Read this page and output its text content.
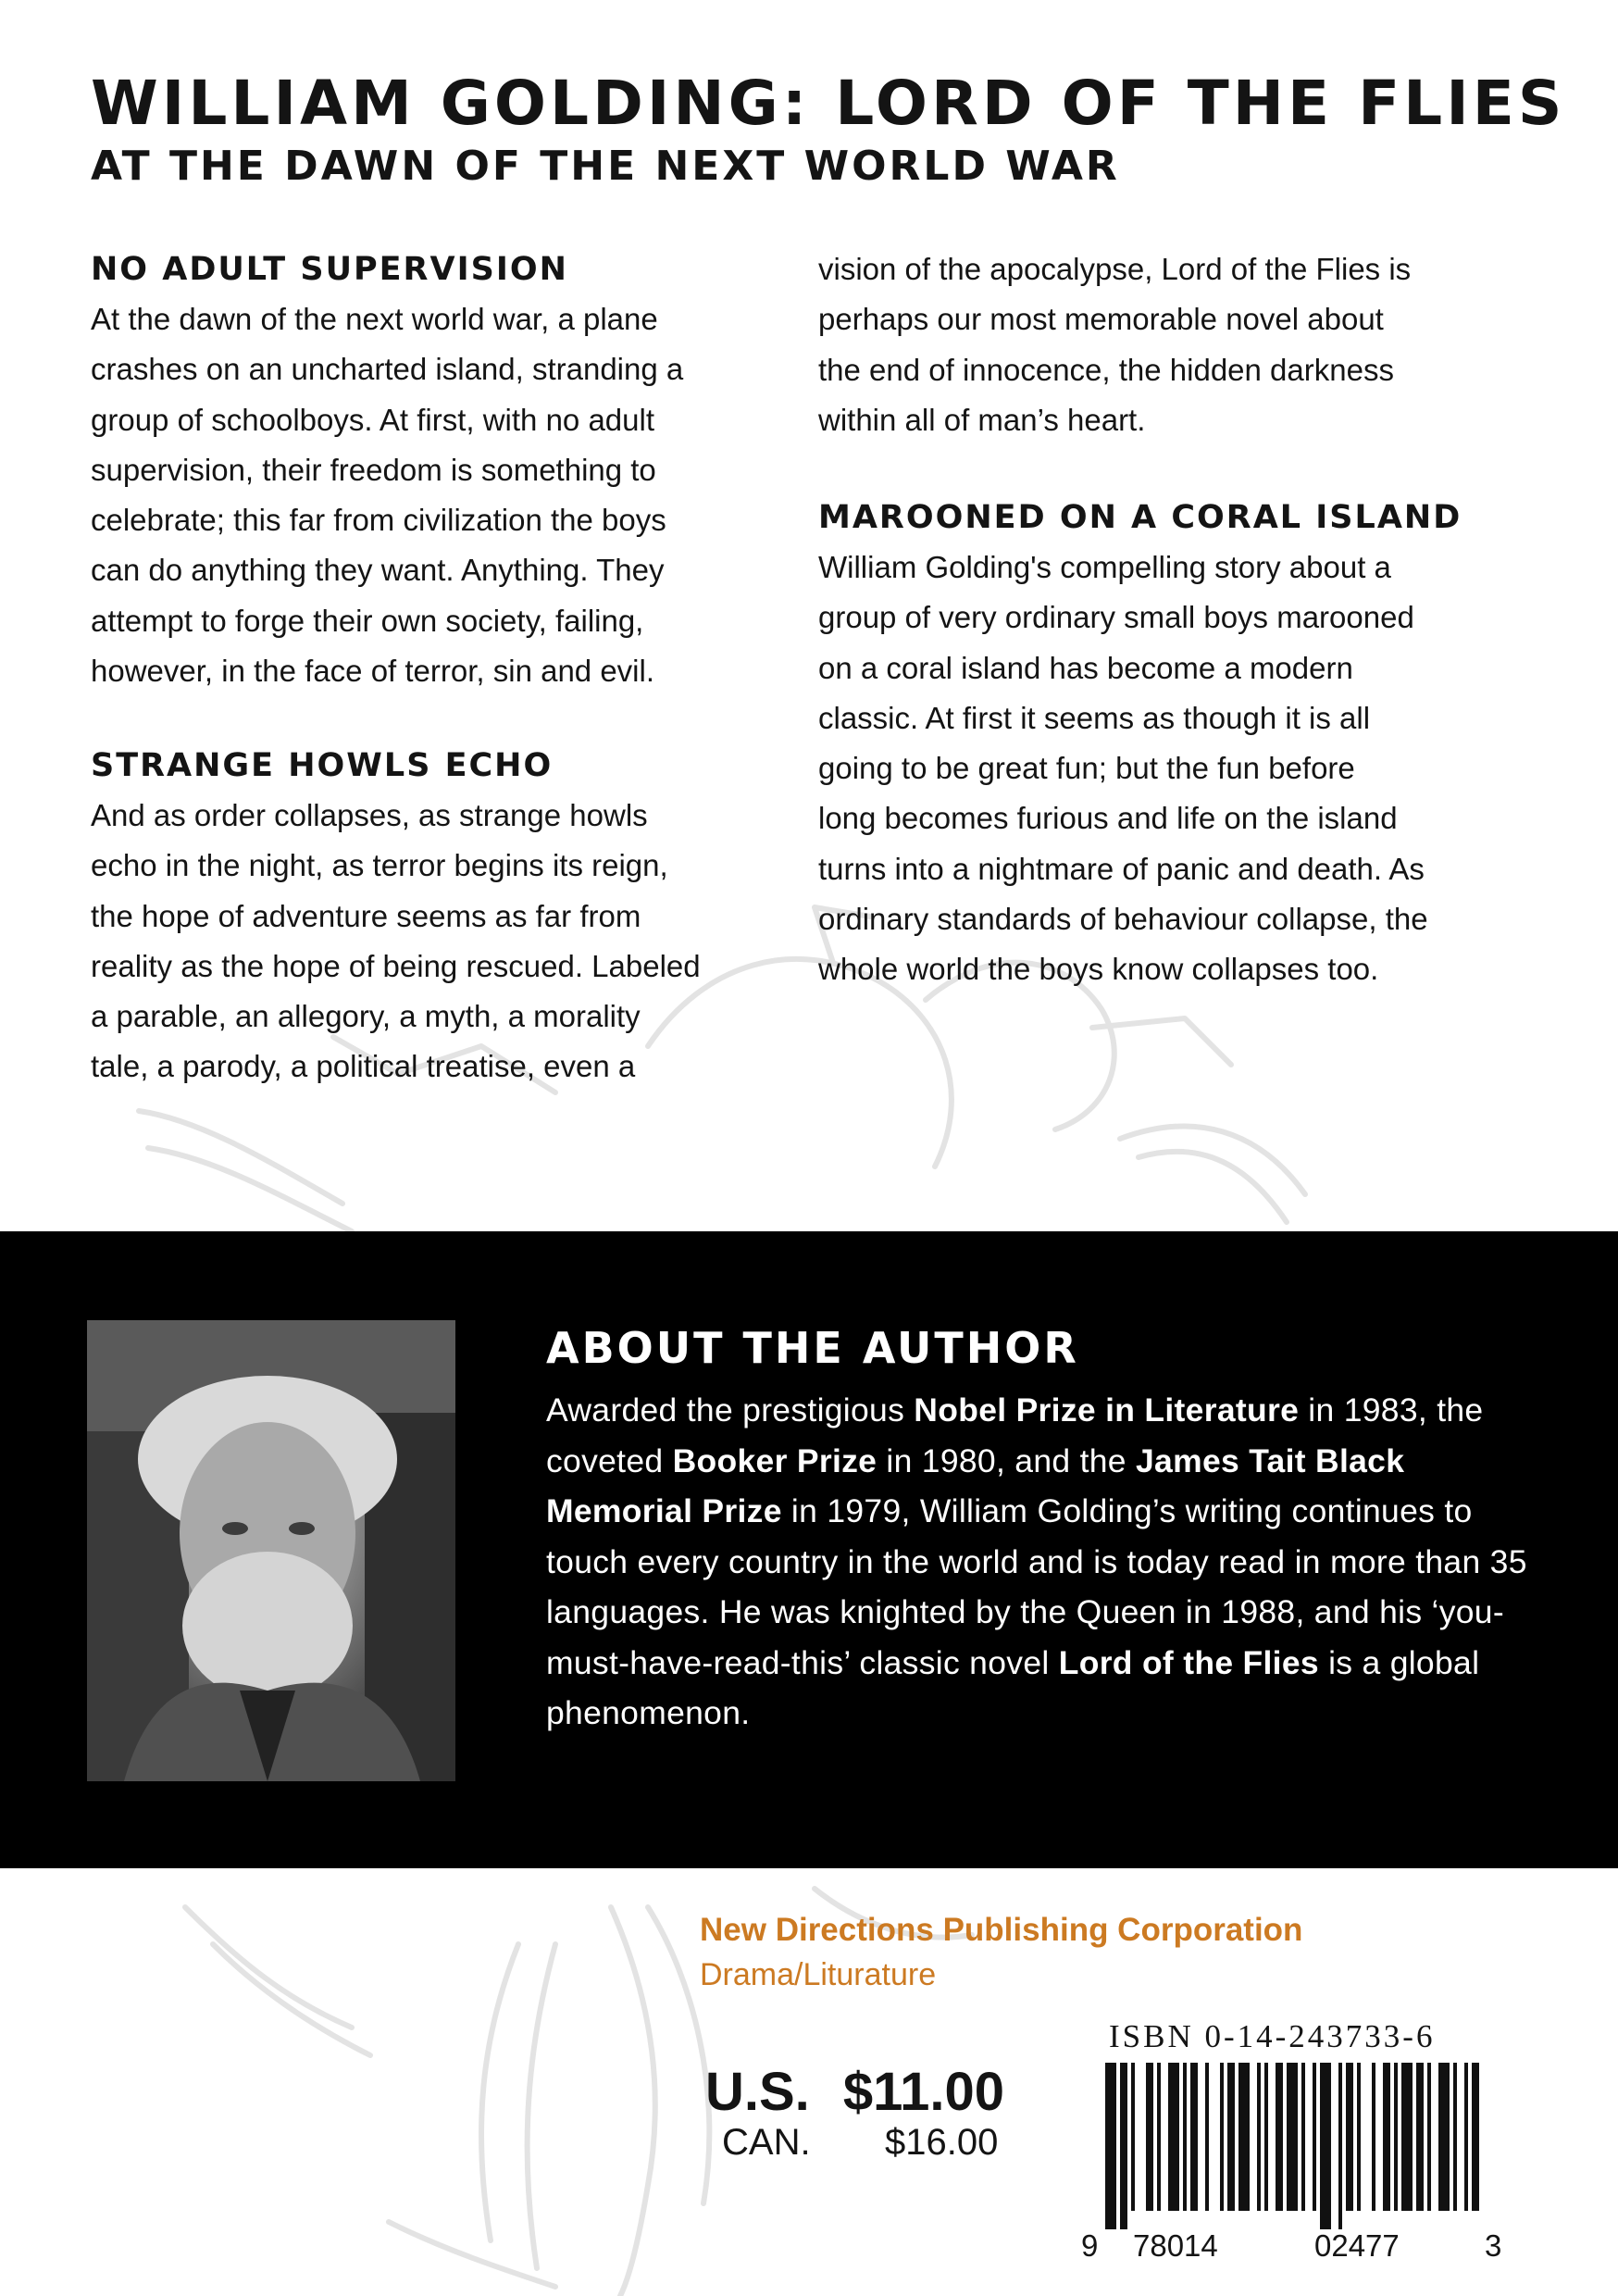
WILLIAM GOLDING: LORD OF THE FLIES
AT THE DAWN OF THE NEXT WORLD WAR
NO ADULT SUPERVISION

At the dawn of the next world war, a plane
crashes on an uncharted island, stranding a
group of schoolboys. At first, with no adult
supervision, their freedom is something to
celebrate; this far from civilization the boys
can do anything they want. Anything. They
attempt to forge their own society, failing,
however, in the face of terror, sin and evil.

STRANGE HOWLS ECHO

And as order collapses, as strange howls
echo in the night, as terror begins its reign,
the hope of adventure seems as far from
reality as the hope of being rescued. Labeled
a parable, an allegory, a myth, a morality
tale, a parody, a political treatise, even a

vision of the apocalypse, Lord of the Flies is
perhaps our most memorable novel about
the end of innocence, the hidden darkness
within all of man’s heart.

MAROONED ON A CORAL ISLAND

William Golding's compelling story about a
group of very ordinary small boys marooned
on a coral island has become a modern
classic. At first it seems as though it is all
going to be great fun; but the fun before
long becomes furious and life on the island
turns into a nightmare of panic and death. As
ordinary standards of behaviour collapse, the
whole world the boys know collapses too.

ABOUT THE AUTHOR

Awarded the prestigious Nobel Prize in Literature in 1983, the coveted Booker Prize in 1980, and the James Tait Black Memorial Prize in 1979, William Golding’s writing continues to touch every country in the world and is today read in more than 35 languages. He was knighted by the Queen in 1988, and his ‘you-must-have-read-this’ classic novel Lord of the Flies is a global phenomenon.

New Directions Publishing Corporation

Drama/Liturature

ISBN 0-14-243733-6

U.S. $11.00

CAN. $16.00

9 78014	02477	3
